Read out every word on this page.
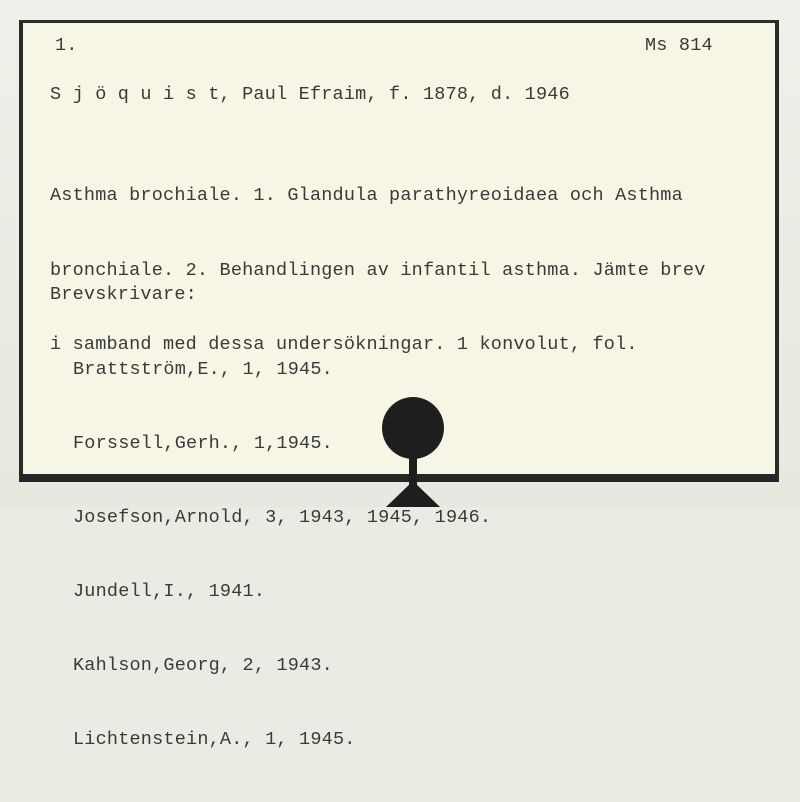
1.	Ms 814
S j ö q u i s t, Paul Efraim, f. 1878, d. 1946

Asthma brochiale. 1. Glandula parathyreoidaea och Asthma

bronchiale. 2. Behandlingen av infantil asthma. Jämte brev

i samband med dessa undersökningar. 1 konvolut, fol.

Brevskrivare:

Brattström,E., 1, 1945.

Forssell,Gerh., 1,1945.

Josefson,Arnold, 3, 1943, 1945, 1946.

Jundell,I., 1941.

Kahlson,Georg, 2, 1943.

Lichtenstein,A., 1, 1945.
